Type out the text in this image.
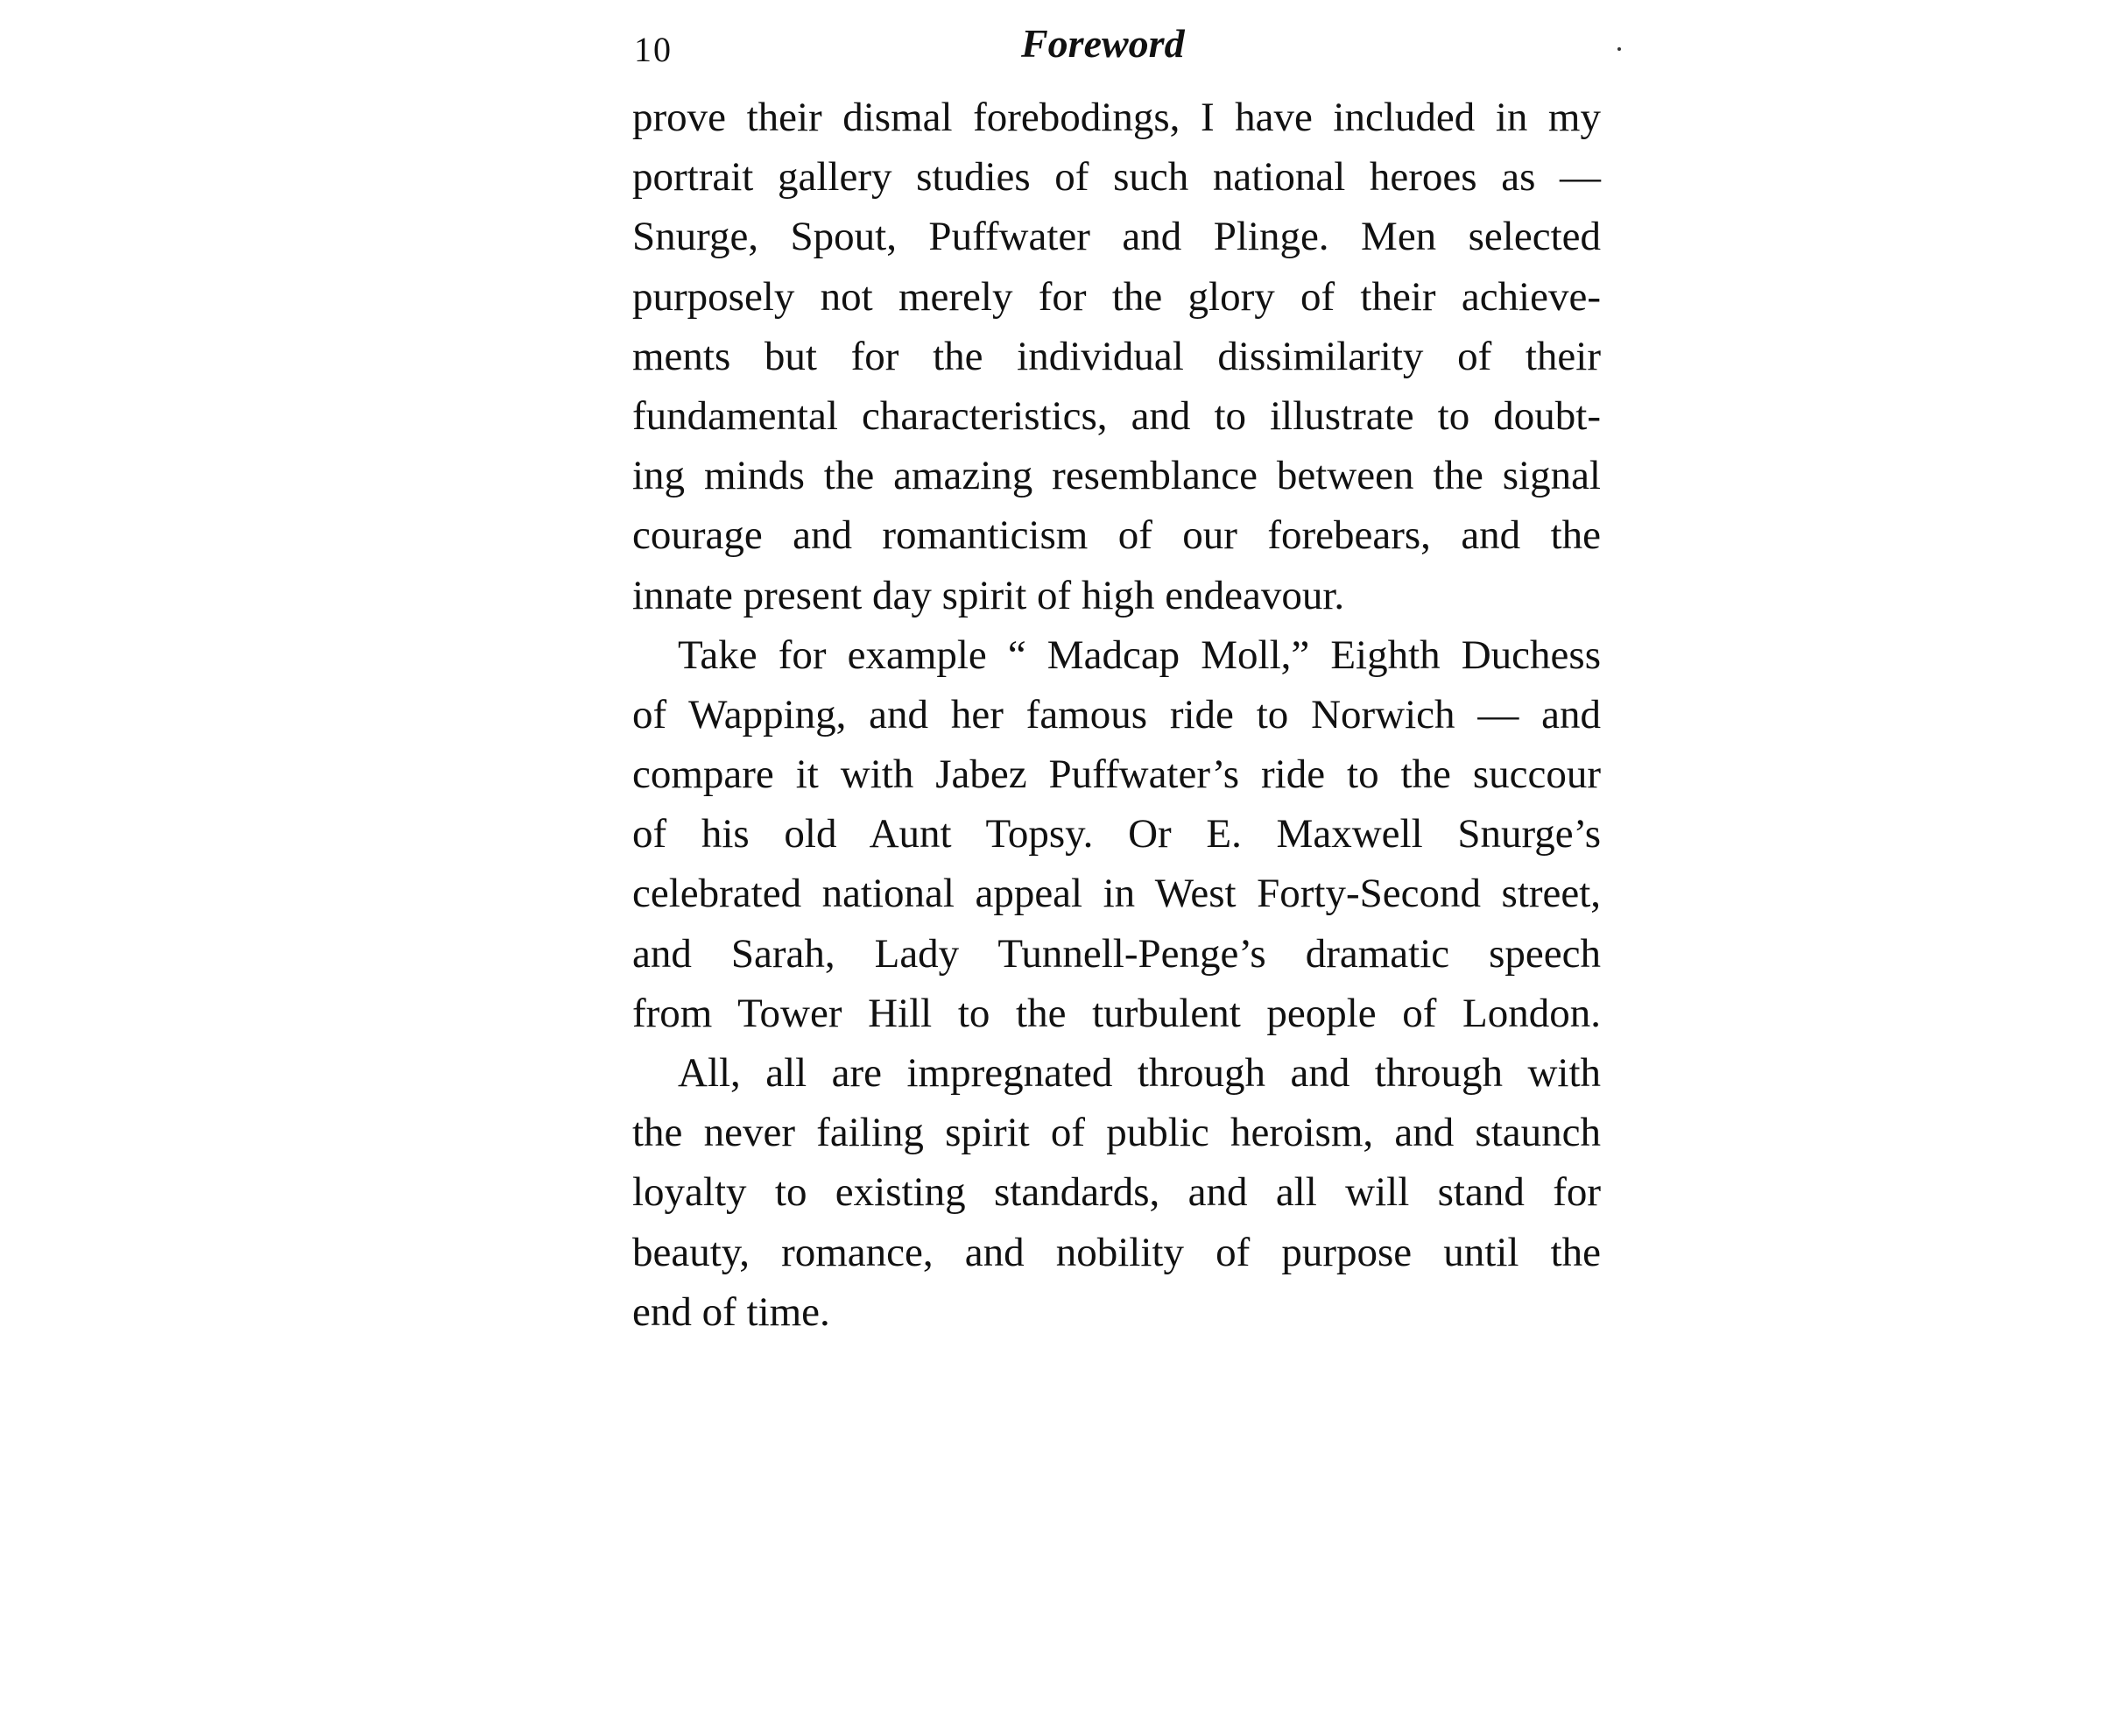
10	Foreword
prove their dismal forebodings, I have included in my
portrait gallery studies of such national heroes as —
Snurge, Spout, Puffwater and Plinge. Men selected
purposely not merely for the glory of their achieve-
ments but for the individual dissimilarity of their
fundamental characteristics, and to illustrate to doubt-
ing minds the amazing resemblance between the signal
courage and romanticism of our forebears, and the
innate present day spirit of high endeavour.
Take for example “ Madcap Moll,” Eighth Duchess
of Wapping, and her famous ride to Norwich — and
compare it with Jabez Puffwater’s ride to the succour
of his old Aunt Topsy. Or E. Maxwell Snurge’s
celebrated national appeal in West Forty-Second street,
and Sarah, Lady Tunnell-Penge’s dramatic speech
from Tower Hill to the turbulent people of London.
All, all are impregnated through and through with
the never failing spirit of public heroism, and staunch
loyalty to existing standards, and all will stand for
beauty, romance, and nobility of purpose until the
end of time.
